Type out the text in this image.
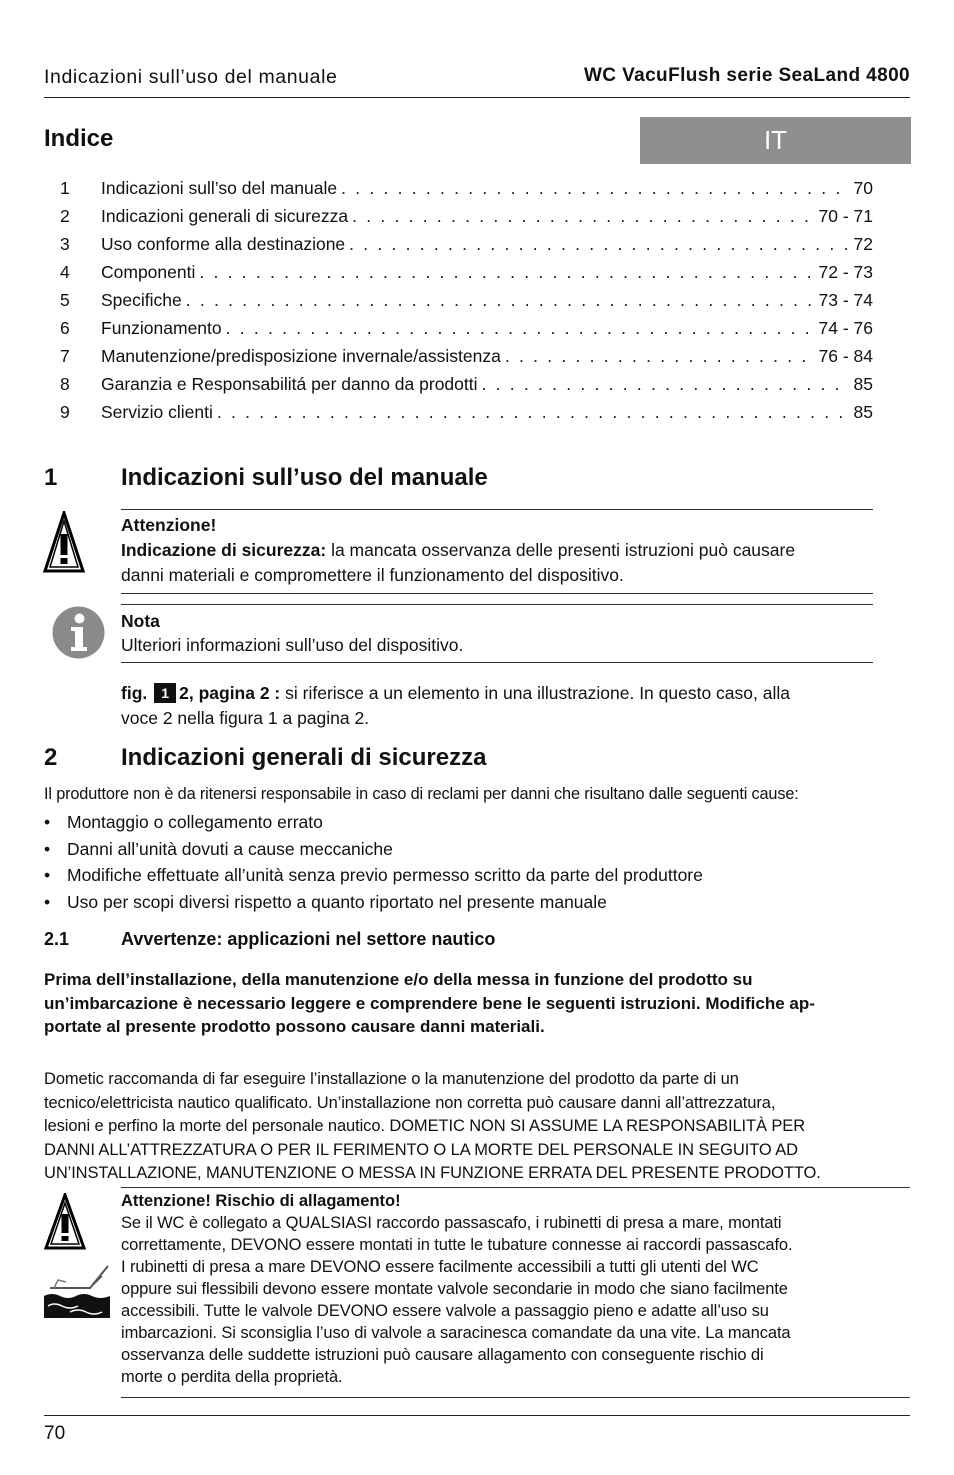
Indicazioni sull’uso del manuale	WC VacuFlush serie SeaLand 4800
Indice	IT
1	Indicazioni sull’so del manuale . . .	70
2	Indicazioni generali di sicurezza . . .	70 - 71
3	Uso conforme alla destinazione . . .	72
4	Componenti . . .	72 - 73
5	Specifiche . . .	73 - 74
6	Funzionamento . . .	74 - 76
7	Manutenzione/predisposizione invernale/assistenza . . .	76 - 84
8	Garanzia e Responsabilitá per danno da prodotti . . .	85
9	Servizio clienti . . .	85
1	Indicazioni sull’uso del manuale
Attenzione!
Indicazione di sicurezza: la mancata osservanza delle presenti istruzioni può causare
danni materiali e compromettere il funzionamento del dispositivo.
Nota
Ulteriori informazioni sull’uso del dispositivo.
fig. 1 2, pagina 2 : si riferisce a un elemento in una illustrazione. In questo caso, alla
voce 2 nella figura 1 a pagina 2.
2	Indicazioni generali di sicurezza
Il produttore non è da ritenersi responsabile in caso di reclami per danni che risultano dalle seguenti cause:
• Montaggio o collegamento errato
• Danni all’unità dovuti a cause meccaniche
• Modifiche effettuate all’unità senza previo permesso scritto da parte del produttore
• Uso per scopi diversi rispetto a quanto riportato nel presente manuale
2.1	Avvertenze: applicazioni nel settore nautico
Prima dell’installazione, della manutenzione e/o della messa in funzione del prodotto su
un’imbarcazione è necessario leggere e comprendere bene le seguenti istruzioni. Modifiche ap-
portate al presente prodotto possono causare danni materiali.
Dometic raccomanda di far eseguire l’installazione o la manutenzione del prodotto da parte di un
tecnico/elettricista nautico qualificato. Un’installazione non corretta può causare danni all’attrezzatura,
lesioni e perfino la morte del personale nautico. DOMETIC NON SI ASSUME LA RESPONSABILITÀ PER
DANNI ALL’ATTREZZATURA O PER IL FERIMENTO O LA MORTE DEL PERSONALE IN SEGUITO AD
UN’INSTALLAZIONE, MANUTENZIONE O MESSA IN FUNZIONE ERRATA DEL PRESENTE PRODOTTO.
Attenzione! Rischio di allagamento!
Se il WC è collegato a QUALSIASI raccordo passascafo, i rubinetti di presa a mare, montati
correttamente, DEVONO essere montati in tutte le tubature connesse ai raccordi passascafo.
I rubinetti di presa a mare DEVONO essere facilmente accessibili a tutti gli utenti del WC
oppure sui flessibili devono essere montate valvole secondarie in modo che siano facilmente
accessibili. Tutte le valvole DEVONO essere valvole a passaggio pieno e adatte all’uso su
imbarcazioni. Si sconsiglia l’uso di valvole a saracinesca comandate da una vite. La mancata
osservanza delle suddette istruzioni può causare allagamento con conseguente rischio di
morte o perdita della proprietà.
70
